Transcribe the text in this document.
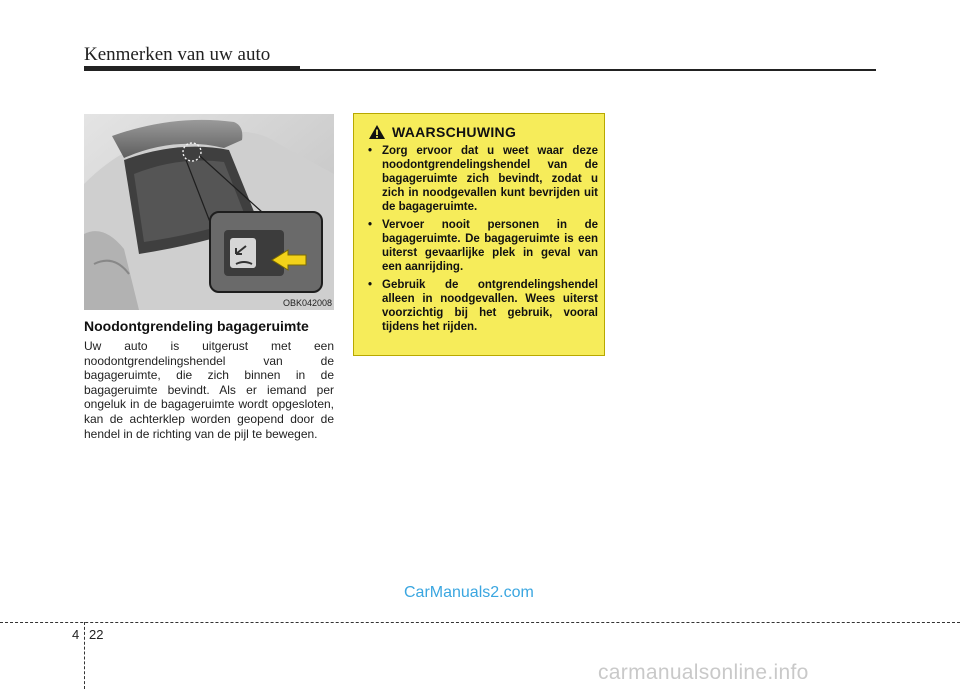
Kenmerken van uw auto
OBK042008
Noodontgrendeling bagageruimte

Uw auto is uitgerust met een noodontgrendelingshendel van de bagageruimte, die zich binnen in de bagageruimte bevindt. Als er iemand per ongeluk in de bagageruimte wordt opgesloten, kan de achterklep worden geopend door de hendel in de richting van de pijl te bewegen.

WAARSCHUWING
• Zorg ervoor dat u weet waar deze noodontgrendelingshendel van de bagageruimte zich bevindt, zodat u zich in noodgevallen kunt bevrijden uit de bagageruimte.
• Vervoer nooit personen in de bagageruimte. De bagageruimte is een uiterst gevaarlijke plek in geval van een aanrijding.
• Gebruik de ontgrendelingshendel alleen in noodgevallen. Wees uiterst voorzichtig bij het gebruik, vooral tijdens het rijden.
CarManuals2.com
4 22
carmanualsonline.info
